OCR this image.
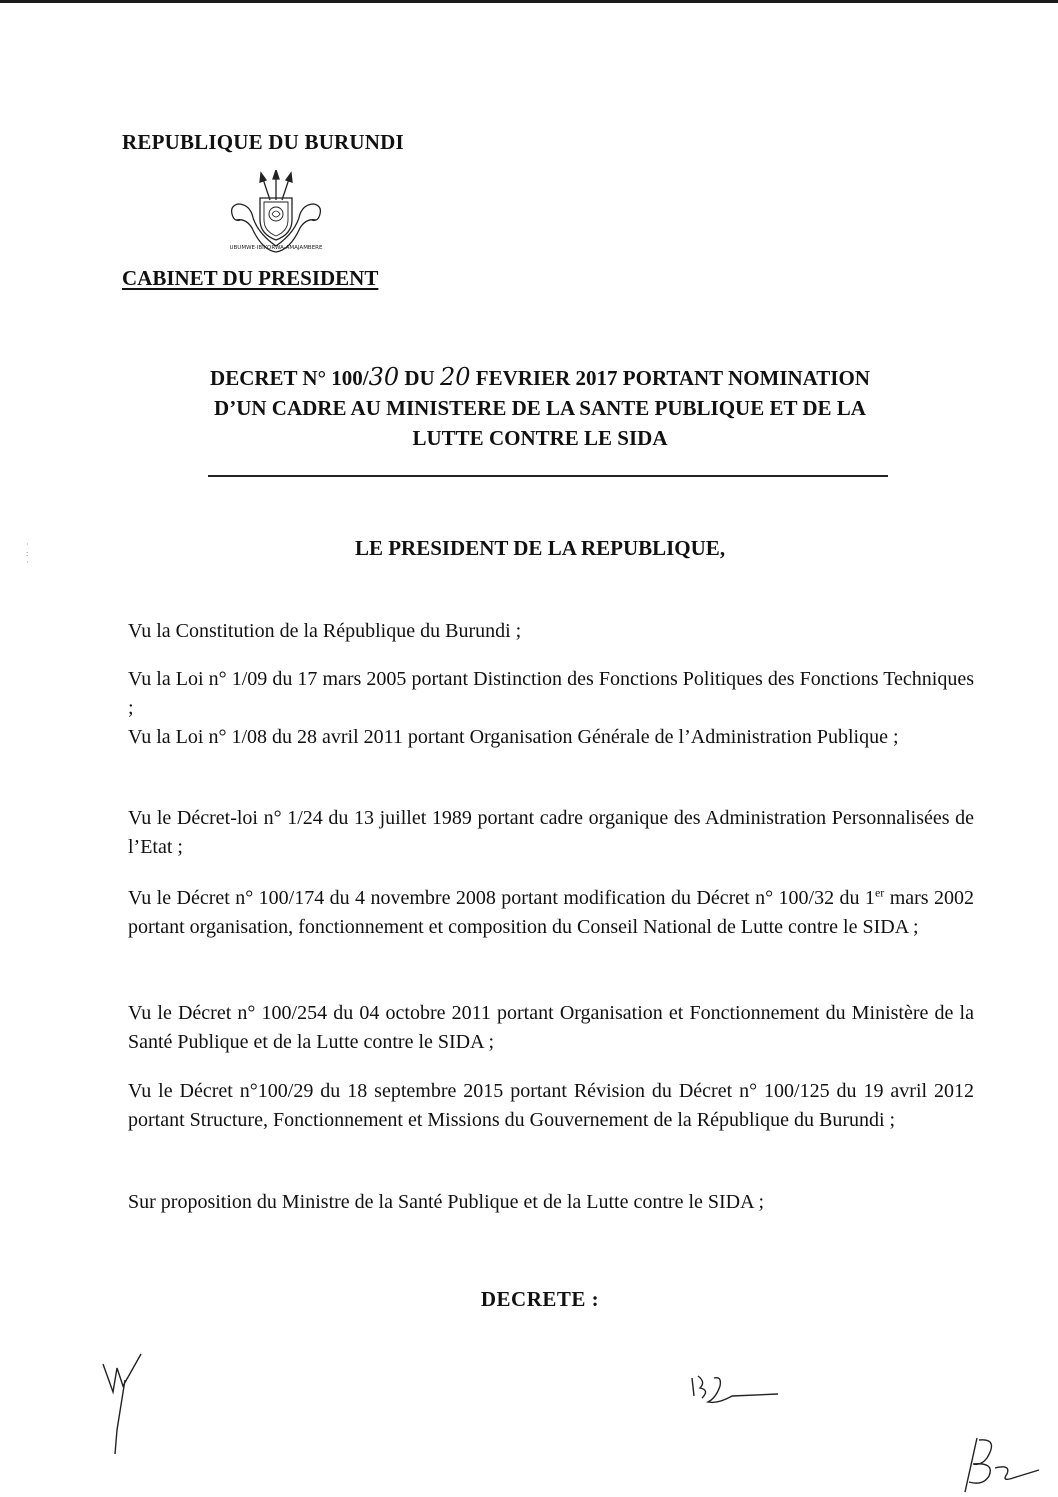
REPUBLIQUE DU BURUNDI
UBUMWE·IBIKORWA·AMAJAMBERE
CABINET DU PRESIDENT
DECRET N° 100/30 DU 20 FEVRIER 2017 PORTANT NOMINATION
D’UN CADRE AU MINISTERE DE LA SANTE PUBLIQUE ET DE LA
LUTTE CONTRE LE SIDA
·
:
·
LE PRESIDENT DE LA REPUBLIQUE,
Vu la Constitution de la République du Burundi ;
Vu la Loi n° 1/09 du 17 mars 2005 portant Distinction des Fonctions Politiques des Fonctions Techniques ;
Vu la Loi n° 1/08 du 28 avril 2011 portant Organisation Générale de l’Administration Publique ;
Vu le Décret-loi n° 1/24 du 13 juillet 1989 portant cadre organique des Administration Personnalisées de l’Etat ;
Vu le Décret n° 100/174 du 4 novembre 2008 portant modification du Décret n° 100/32 du 1er mars 2002 portant organisation, fonctionnement et composition du Conseil National de Lutte contre le SIDA ;
Vu le Décret n° 100/254 du 04 octobre 2011 portant Organisation et Fonctionnement du Ministère de la Santé Publique et de la Lutte contre le SIDA ;
Vu le Décret n°100/29 du 18 septembre 2015 portant Révision du Décret n° 100/125 du 19 avril 2012 portant Structure, Fonctionnement et Missions du Gouvernement de la République du Burundi ;
Sur proposition du Ministre de la Santé Publique et de la Lutte contre le SIDA ;
DECRETE :
